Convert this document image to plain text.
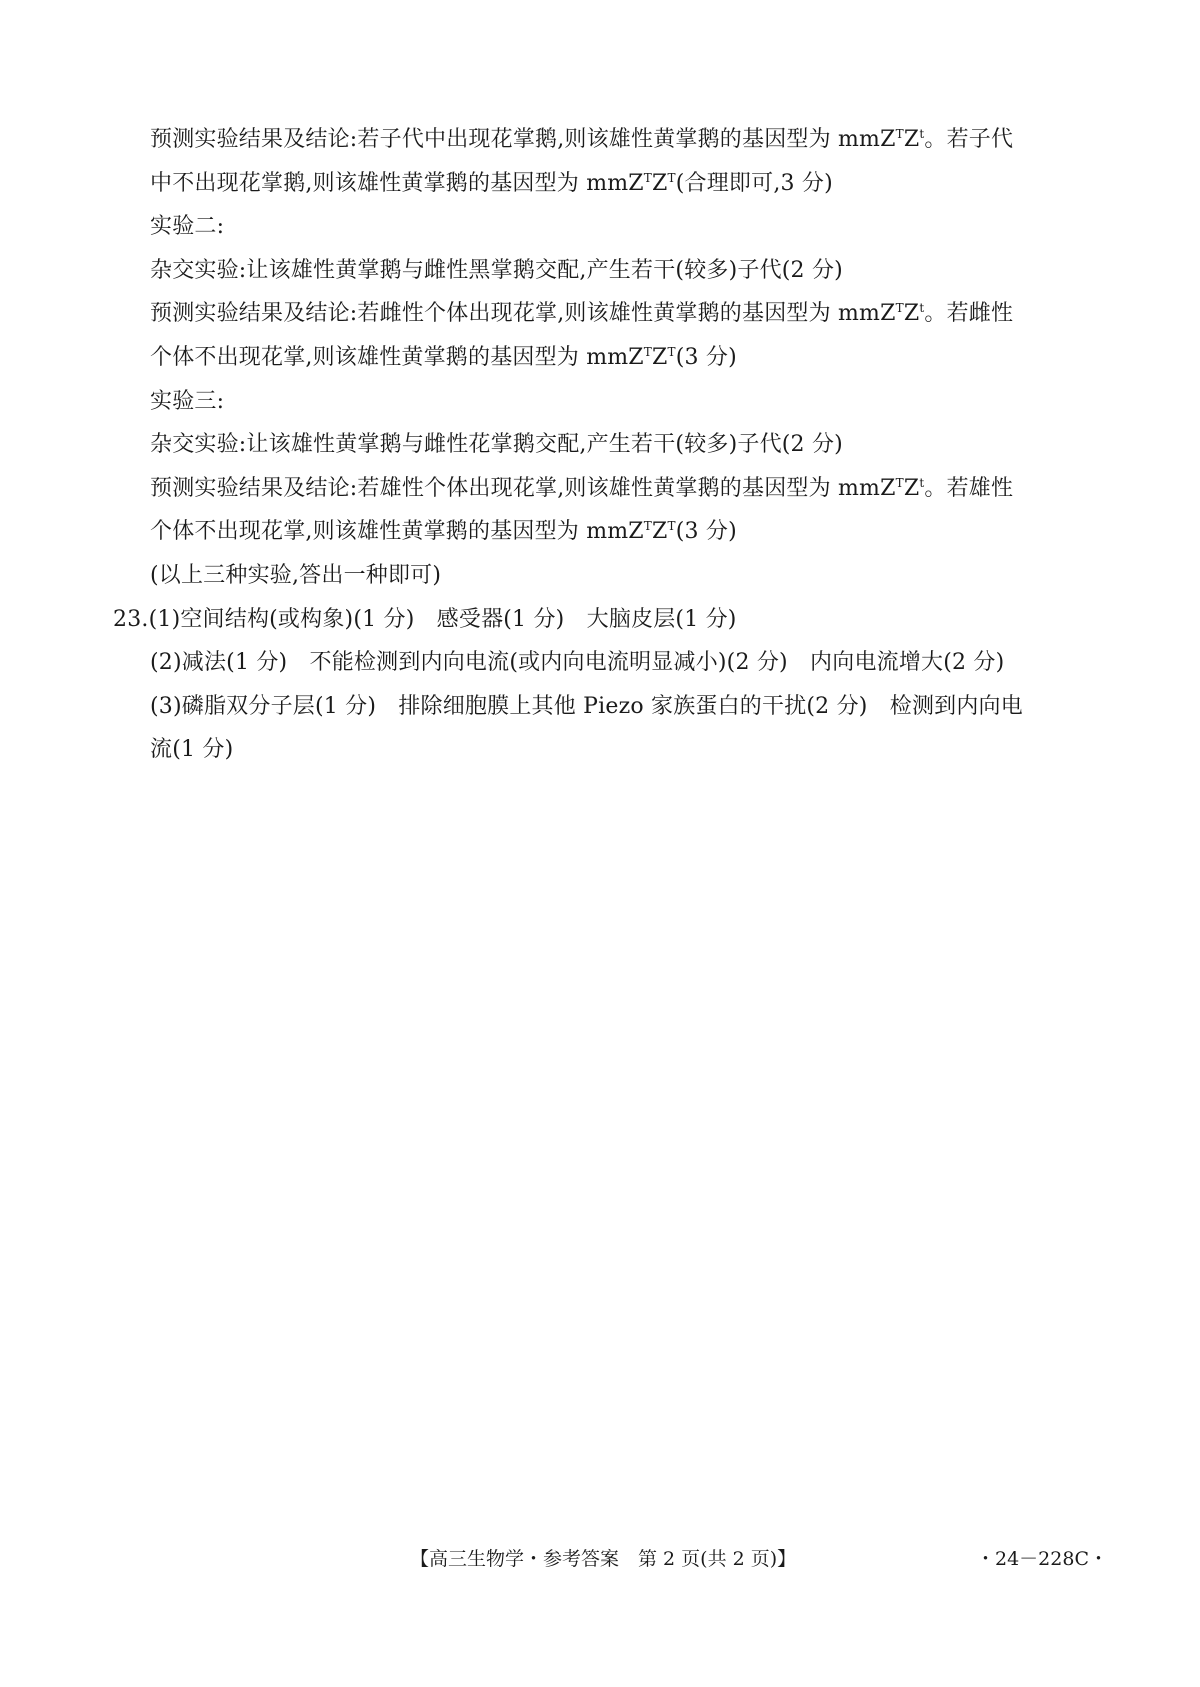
预测实验结果及结论:若子代中出现花掌鹅,则该雄性黄掌鹅的基因型为 $mmZ^TZ^t$。若子代
中不出现花掌鹅,则该雄性黄掌鹅的基因型为 $mmZ^TZ^T$(合理即可,3 分)
实验二:
杂交实验:让该雄性黄掌鹅与雌性黑掌鹅交配,产生若干(较多)子代(2 分)
预测实验结果及结论:若雌性个体出现花掌,则该雄性黄掌鹅的基因型为 $mmZ^TZ^t$。若雌性
个体不出现花掌,则该雄性黄掌鹅的基因型为 $mmZ^TZ^T(3$ 分)
实验三:
杂交实验:让该雄性黄掌鹅与雌性花掌鹅交配,产生若干(较多)子代(2 分)
预测实验结果及结论:若雄性个体出现花掌,则该雄性黄掌鹅的基因型为 $mmZ^TZ^t$。若雄性
个体不出现花掌,则该雄性黄掌鹅的基因型为 $mmZ^TZ^T(3$ 分)
(以上三种实验,答出一种即可)
23.(1)空间结构(或构象)(1 分)　感受器(1 分)　大脑皮层(1 分)
(2)减法(1 分)　不能检测到内向电流(或内向电流明显减小)(2 分)　内向电流增大(2 分)
(3)磷脂双分子层(1 分)　排除细胞膜上其他 Piezo 家族蛋白的干扰(2 分)　检测到内向电
流(1 分)
【高三生物学・参考答案　第 2 页(共 2 页)】	・24－228C・
